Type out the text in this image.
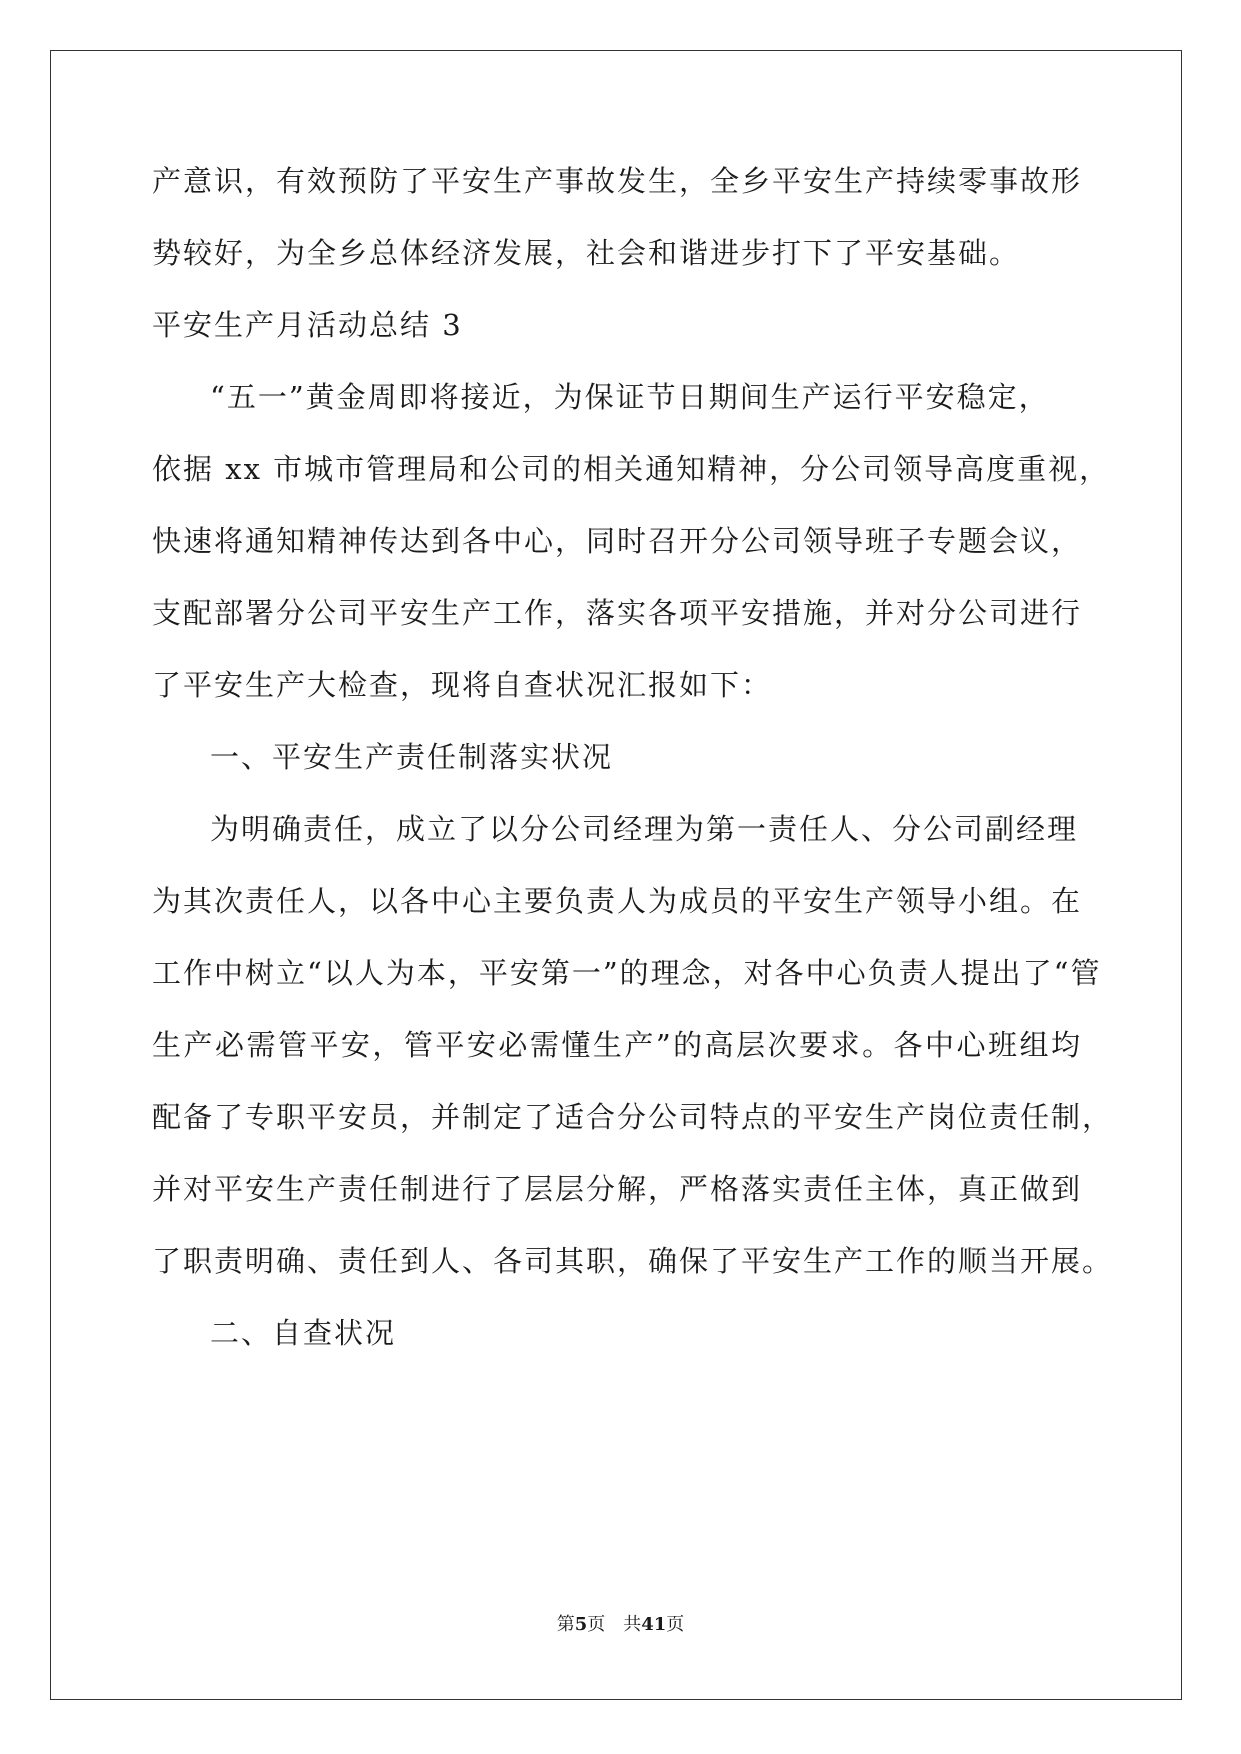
产意识，有效预防了平安生产事故发生，全乡平安生产持续零事故形
势较好，为全乡总体经济发展，社会和谐进步打下了平安基础。
平安生产月活动总结 3
“五一”黄金周即将接近，为保证节日期间生产运行平安稳定，
依据 xx 市城市管理局和公司的相关通知精神，分公司领导高度重视，
快速将通知精神传达到各中心，同时召开分公司领导班子专题会议，
支配部署分公司平安生产工作，落实各项平安措施，并对分公司进行
了平安生产大检查，现将自查状况汇报如下：
一、平安生产责任制落实状况
为明确责任，成立了以分公司经理为第一责任人、分公司副经理
为其次责任人，以各中心主要负责人为成员的平安生产领导小组。在
工作中树立“以人为本，平安第一”的理念，对各中心负责人提出了“管
生产必需管平安，管平安必需懂生产”的高层次要求。各中心班组均
配备了专职平安员，并制定了适合分公司特点的平安生产岗位责任制，
并对平安生产责任制进行了层层分解，严格落实责任主体，真正做到
了职责明确、责任到人、各司其职，确保了平安生产工作的顺当开展。
二、自查状况
第5页 共41页
